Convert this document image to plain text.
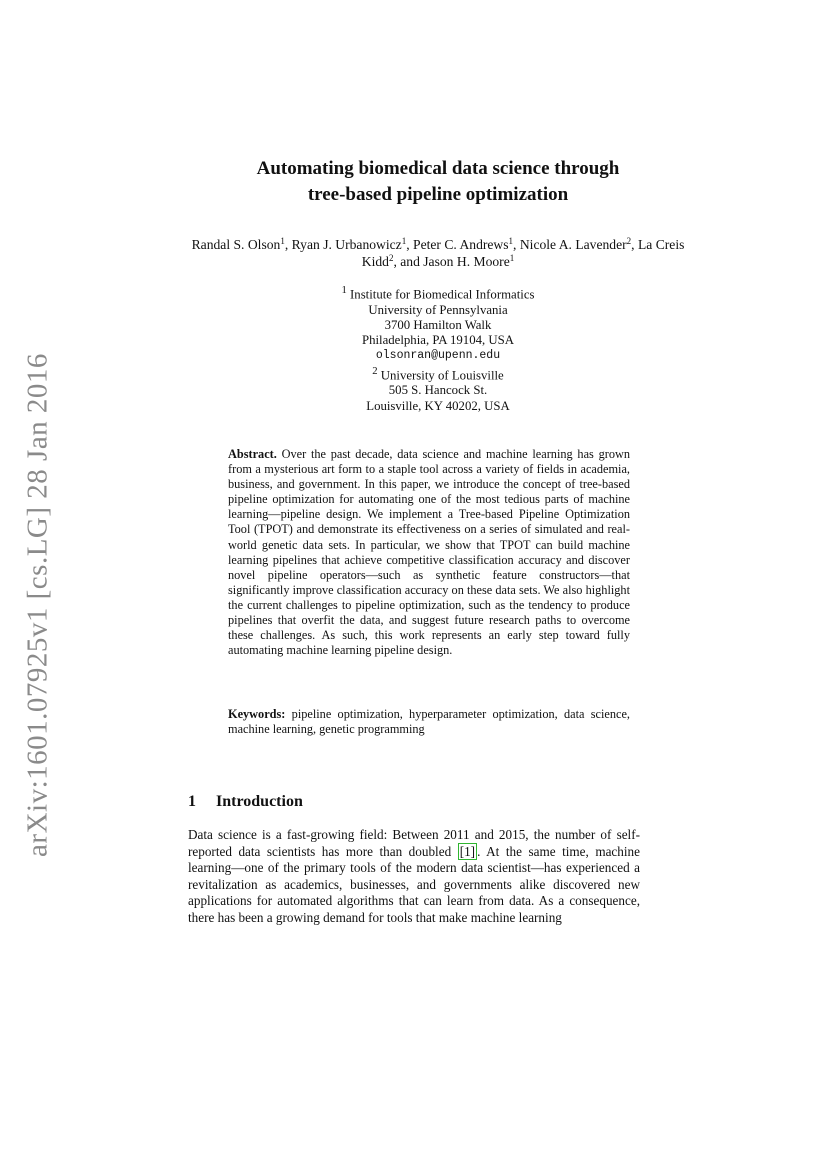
arXiv:1601.07925v1 [cs.LG] 28 Jan 2016
Automating biomedical data science through
tree-based pipeline optimization
Randal S. Olson$^1$, Ryan J. Urbanowicz$^1$, Peter C. Andrews$^1$, Nicole A. Lavender$^2$, La Creis Kidd$^2$, and Jason H. Moore$^1$
$^1$ Institute for Biomedical Informatics
University of Pennsylvania
3700 Hamilton Walk
Philadelphia, PA 19104, USA
olsonran@upenn.edu
$^2$ University of Louisville
505 S. Hancock St.
Louisville, KY 40202, USA
Abstract. Over the past decade, data science and machine learning has grown from a mysterious art form to a staple tool across a variety of fields in academia, business, and government. In this paper, we introduce the concept of tree-based pipeline optimization for automating one of the most tedious parts of machine learning—pipeline design. We implement a Tree-based Pipeline Optimization Tool (TPOT) and demonstrate its effectiveness on a series of simulated and real-world genetic data sets. In particular, we show that TPOT can build machine learning pipelines that achieve competitive classification accuracy and discover novel pipeline operators—such as synthetic feature constructors—that significantly improve classification accuracy on these data sets. We also highlight the current challenges to pipeline optimization, such as the tendency to produce pipelines that overfit the data, and suggest future research paths to overcome these challenges. As such, this work represents an early step toward fully automating machine learning pipeline design.
Keywords: pipeline optimization, hyperparameter optimization, data science, machine learning, genetic programming
1 Introduction
Data science is a fast-growing field: Between 2011 and 2015, the number of self-reported data scientists has more than doubled [1] . At the same time, machine learning—one of the primary tools of the modern data scientist—has experienced a revitalization as academics, businesses, and governments alike discovered new applications for automated algorithms that can learn from data. As a consequence, there has been a growing demand for tools that make machine learning
